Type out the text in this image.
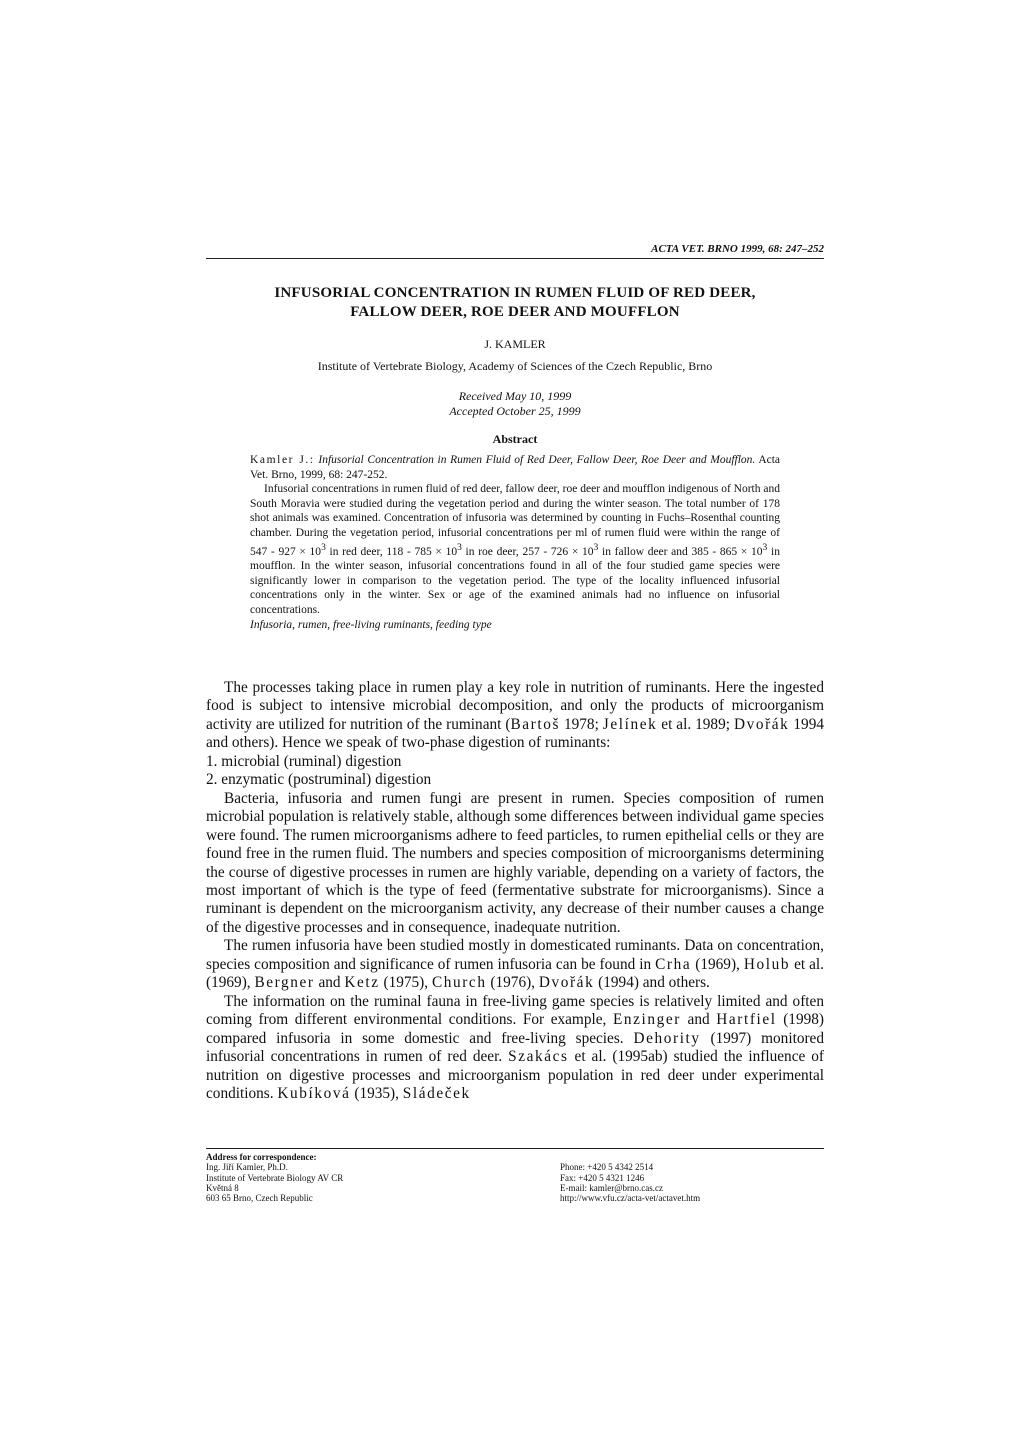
ACTA VET. BRNO 1999, 68: 247–252
INFUSORIAL CONCENTRATION IN RUMEN FLUID OF RED DEER,
FALLOW DEER, ROE DEER AND MOUFFLON
J. KAMLER
Institute of Vertebrate Biology, Academy of Sciences of the Czech Republic, Brno
Received May 10, 1999
Accepted October 25, 1999
Abstract

Kamler J.: Infusorial Concentration in Rumen Fluid of Red Deer, Fallow Deer, Roe Deer and Moufflon. Acta Vet. Brno, 1999, 68: 247-252.

Infusorial concentrations in rumen fluid of red deer, fallow deer, roe deer and moufflon indigenous of North and South Moravia were studied during the vegetation period and during the winter season. The total number of 178 shot animals was examined. Concentration of infusoria was determined by counting in Fuchs–Rosenthal counting chamber. During the vegetation period, infusorial concentrations per ml of rumen fluid were within the range of $547 - 927 \times 10^3$ in red deer, $118 - 785 \times 10^3$ in roe deer, $257 - 726 \times 10^3$ in fallow deer and $385 - 865 \times 10^3$ in moufflon. In the winter season, infusorial concentrations found in all of the four studied game species were significantly lower in comparison to the vegetation period. The type of the locality influenced infusorial concentrations only in the winter. Sex or age of the examined animals had no influence on infusorial concentrations.

Infusoria, rumen, free-living ruminants, feeding type

The processes taking place in rumen play a key role in nutrition of ruminants. Here the ingested food is subject to intensive microbial decomposition, and only the products of microorganism activity are utilized for nutrition of the ruminant (Bartoš 1978; Jelínek et al. 1989; Dvořák 1994 and others). Hence we speak of two-phase digestion of ruminants:

1. microbial (ruminal) digestion

2. enzymatic (postruminal) digestion

Bacteria, infusoria and rumen fungi are present in rumen. Species composition of rumen microbial population is relatively stable, although some differences between individual game species were found. The rumen microorganisms adhere to feed particles, to rumen epithelial cells or they are found free in the rumen fluid. The numbers and species composition of microorganisms determining the course of digestive processes in rumen are highly variable, depending on a variety of factors, the most important of which is the type of feed (fermentative substrate for microorganisms). Since a ruminant is dependent on the microorganism activity, any decrease of their number causes a change of the digestive processes and in consequence, inadequate nutrition.

The rumen infusoria have been studied mostly in domesticated ruminants. Data on concentration, species composition and significance of rumen infusoria can be found in Crha (1969), Holub et al. (1969), Bergner and Ketz (1975), Church (1976), Dvořák (1994) and others.

The information on the ruminal fauna in free-living game species is relatively limited and often coming from different environmental conditions. For example, Enzinger and Hartfiel (1998) compared infusoria in some domestic and free-living species. Dehority (1997) monitored infusorial concentrations in rumen of red deer. Szakács et al. (1995ab) studied the influence of nutrition on digestive processes and microorganism population in red deer under experimental conditions. Kubíková (1935), Sládeček

Address for correspondence:
Ing. Jiří Kamler, Ph.D.
Institute of Vertebrate Biology AV CR
Květná 8
603 65 Brno, Czech Republic
Phone: +420 5 4342 2514
Fax: +420 5 4321 1246
E-mail: kamler@brno.cas.cz
http://www.vfu.cz/acta-vet/actavet.htm
